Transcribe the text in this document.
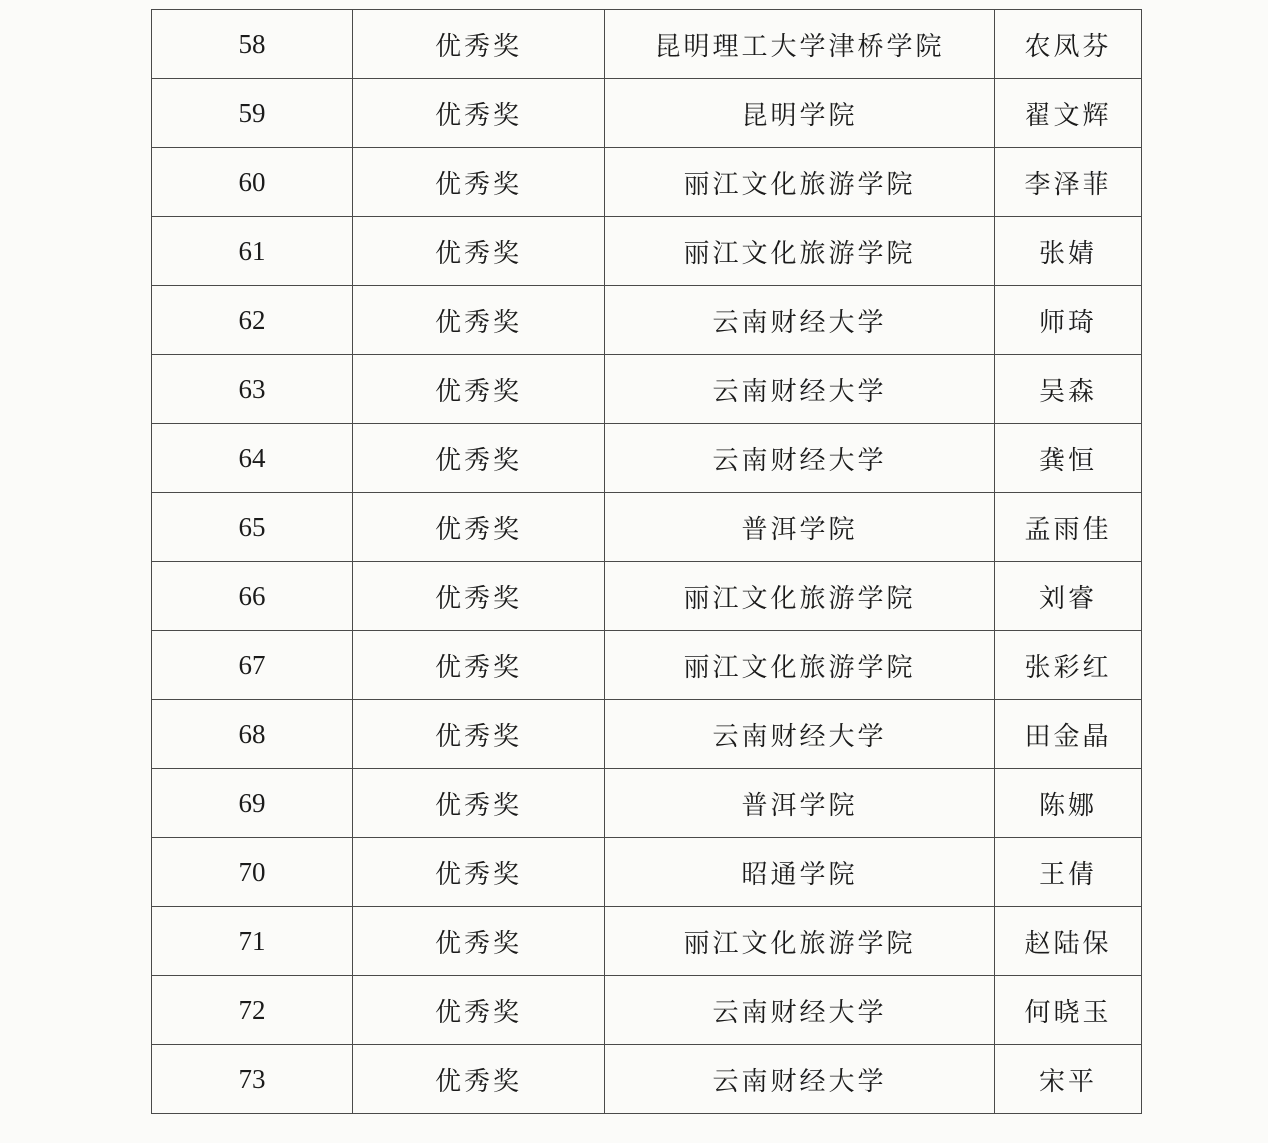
58	优秀奖	昆明理工大学津桥学院	农凤芬
59	优秀奖	昆明学院	翟文辉
60	优秀奖	丽江文化旅游学院	李泽菲
61	优秀奖	丽江文化旅游学院	张婧
62	优秀奖	云南财经大学	师琦
63	优秀奖	云南财经大学	吴森
64	优秀奖	云南财经大学	龚恒
65	优秀奖	普洱学院	孟雨佳
66	优秀奖	丽江文化旅游学院	刘睿
67	优秀奖	丽江文化旅游学院	张彩红
68	优秀奖	云南财经大学	田金晶
69	优秀奖	普洱学院	陈娜
70	优秀奖	昭通学院	王倩
71	优秀奖	丽江文化旅游学院	赵陆保
72	优秀奖	云南财经大学	何晓玉
73	优秀奖	云南财经大学	宋平
